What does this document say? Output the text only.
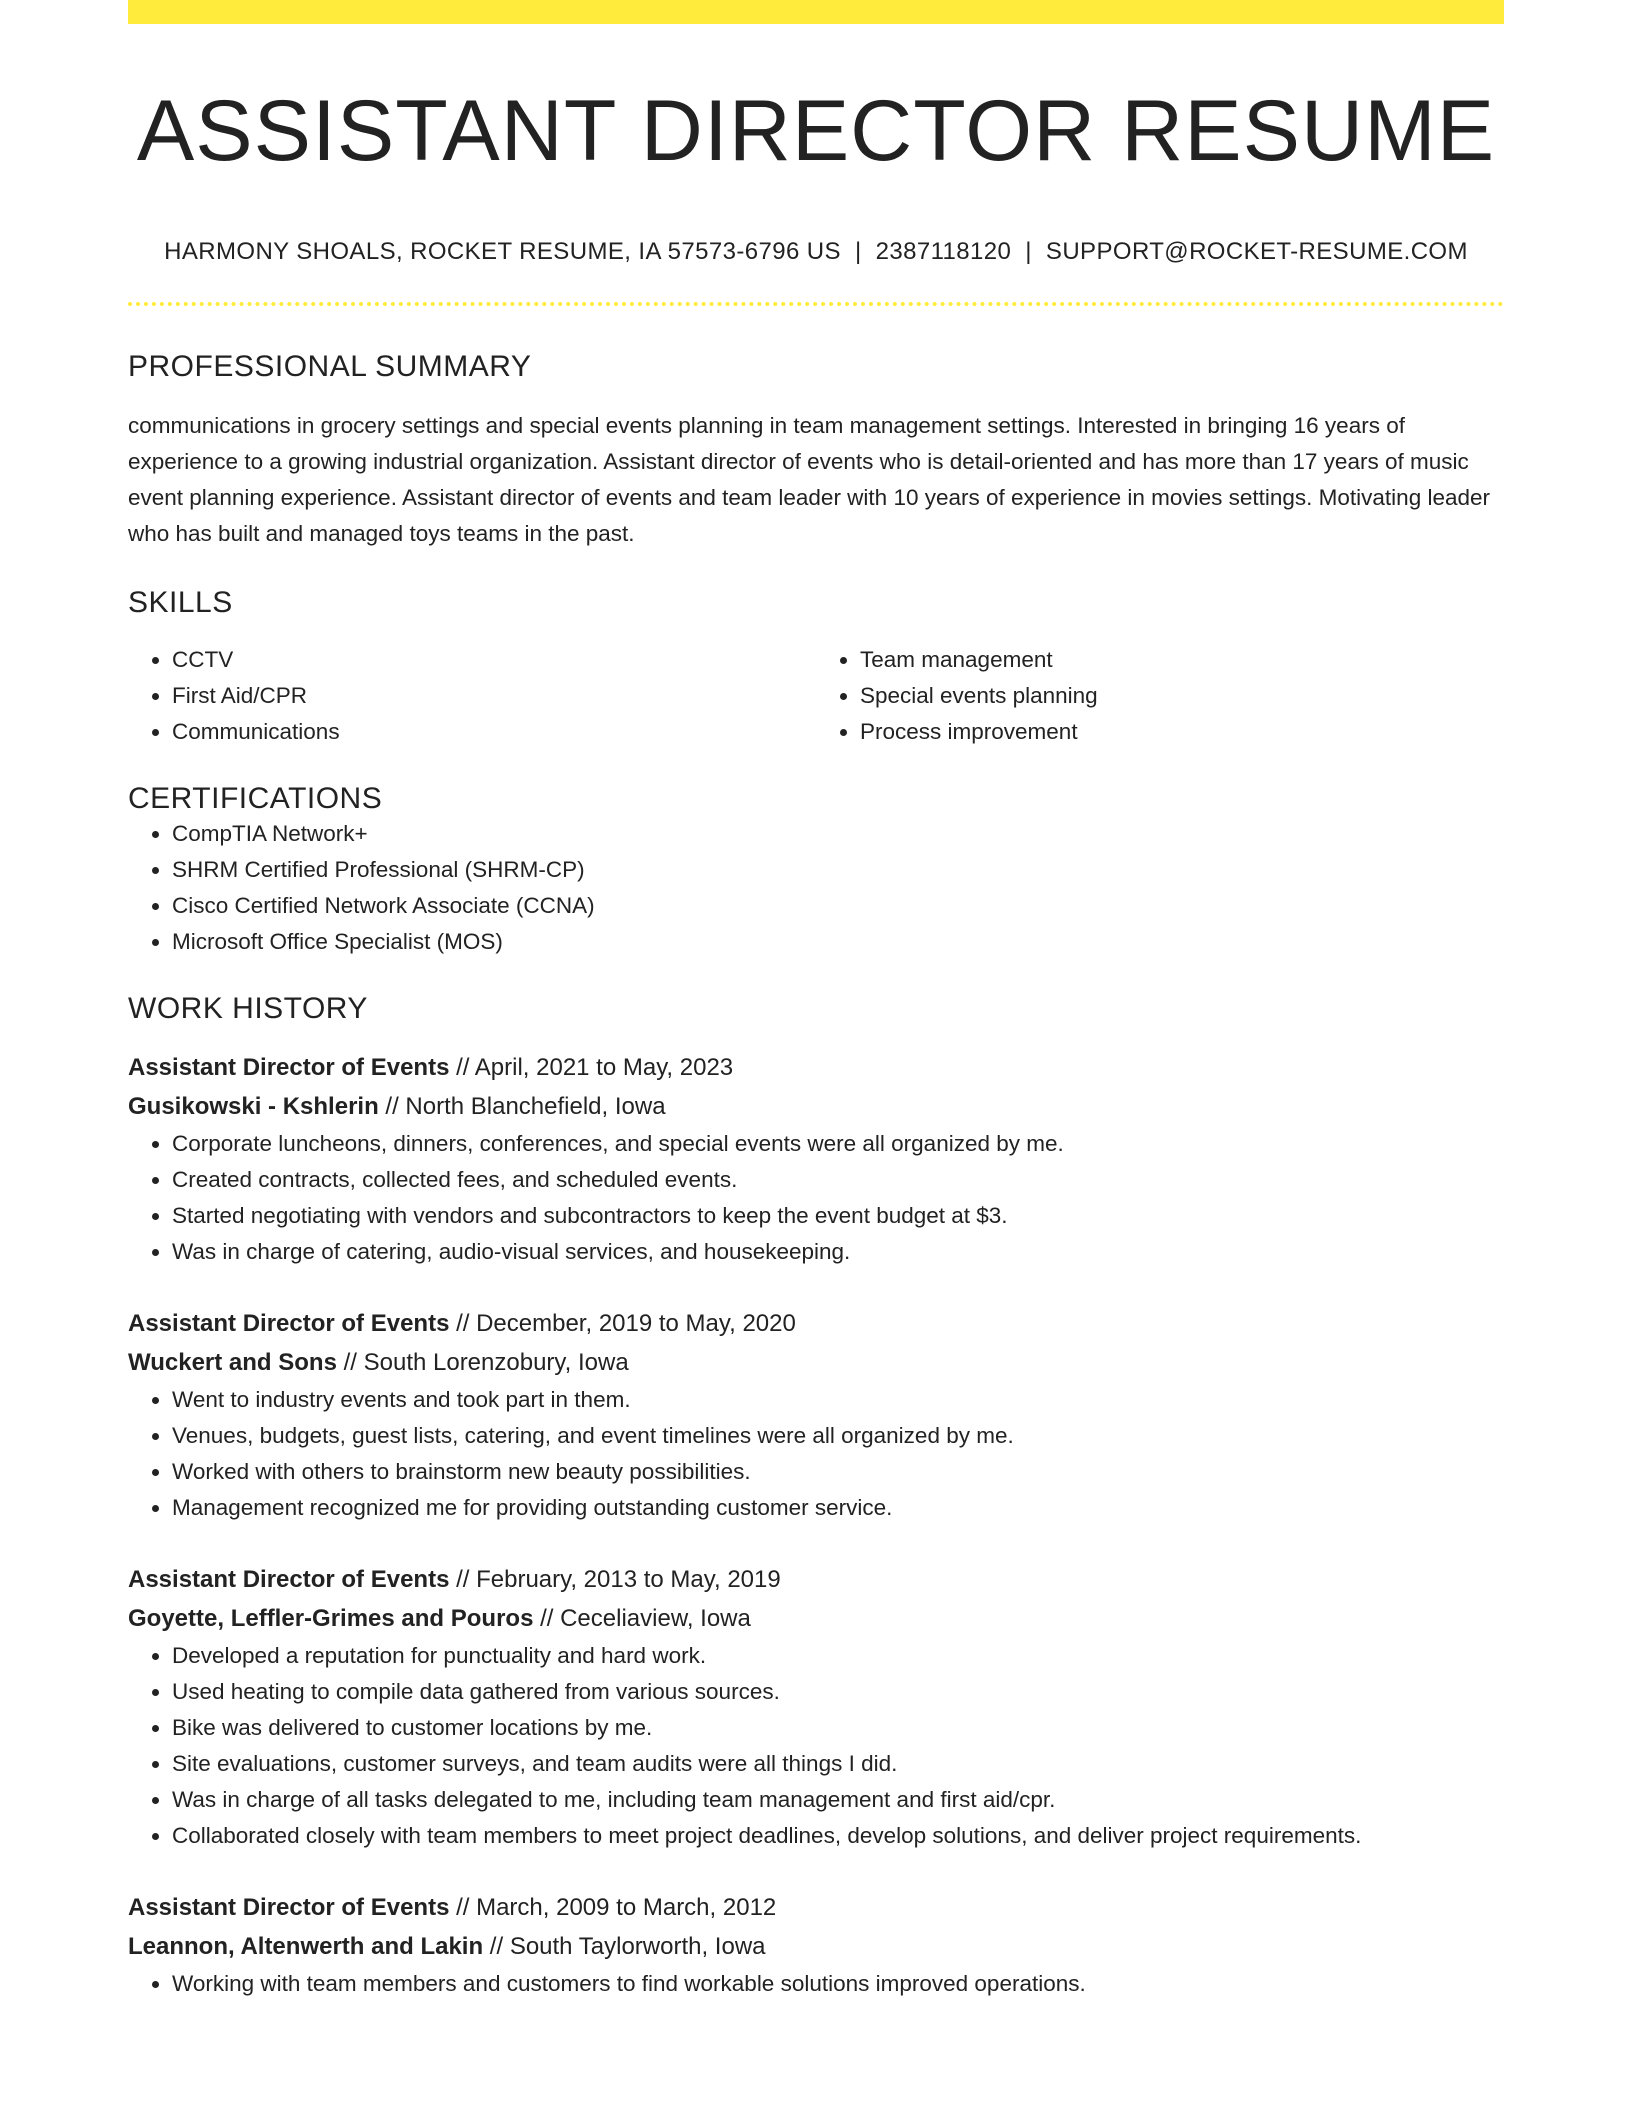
ASSISTANT DIRECTOR RESUME
HARMONY SHOALS, ROCKET RESUME, IA 57573-6796 US | 2387118120 | SUPPORT@ROCKET-RESUME.COM
PROFESSIONAL SUMMARY

communications in grocery settings and special events planning in team management settings. Interested in bringing 16 years of experience to a growing industrial organization. Assistant director of events who is detail-oriented and has more than 17 years of music event planning experience. Assistant director of events and team leader with 10 years of experience in movies settings. Motivating leader who has built and managed toys teams in the past.

SKILLS
• CCTV
• First Aid/CPR
• Communications
• Team management
• Special events planning
• Process improvement
CERTIFICATIONS
• CompTIA Network+
• SHRM Certified Professional (SHRM-CP)
• Cisco Certified Network Associate (CCNA)
• Microsoft Office Specialist (MOS)
WORK HISTORY
Assistant Director of Events // April, 2021 to May, 2023
Gusikowski - Kshlerin // North Blanchefield, Iowa
• Corporate luncheons, dinners, conferences, and special events were all organized by me.
• Created contracts, collected fees, and scheduled events.
• Started negotiating with vendors and subcontractors to keep the event budget at $3.
• Was in charge of catering, audio-visual services, and housekeeping.
Assistant Director of Events // December, 2019 to May, 2020
Wuckert and Sons // South Lorenzobury, Iowa
• Went to industry events and took part in them.
• Venues, budgets, guest lists, catering, and event timelines were all organized by me.
• Worked with others to brainstorm new beauty possibilities.
• Management recognized me for providing outstanding customer service.
Assistant Director of Events // February, 2013 to May, 2019
Goyette, Leffler-Grimes and Pouros // Ceceliaview, Iowa
• Developed a reputation for punctuality and hard work.
• Used heating to compile data gathered from various sources.
• Bike was delivered to customer locations by me.
• Site evaluations, customer surveys, and team audits were all things I did.
• Was in charge of all tasks delegated to me, including team management and first aid/cpr.
• Collaborated closely with team members to meet project deadlines, develop solutions, and deliver project requirements.
Assistant Director of Events // March, 2009 to March, 2012
Leannon, Altenwerth and Lakin // South Taylorworth, Iowa
• Working with team members and customers to find workable solutions improved operations.
